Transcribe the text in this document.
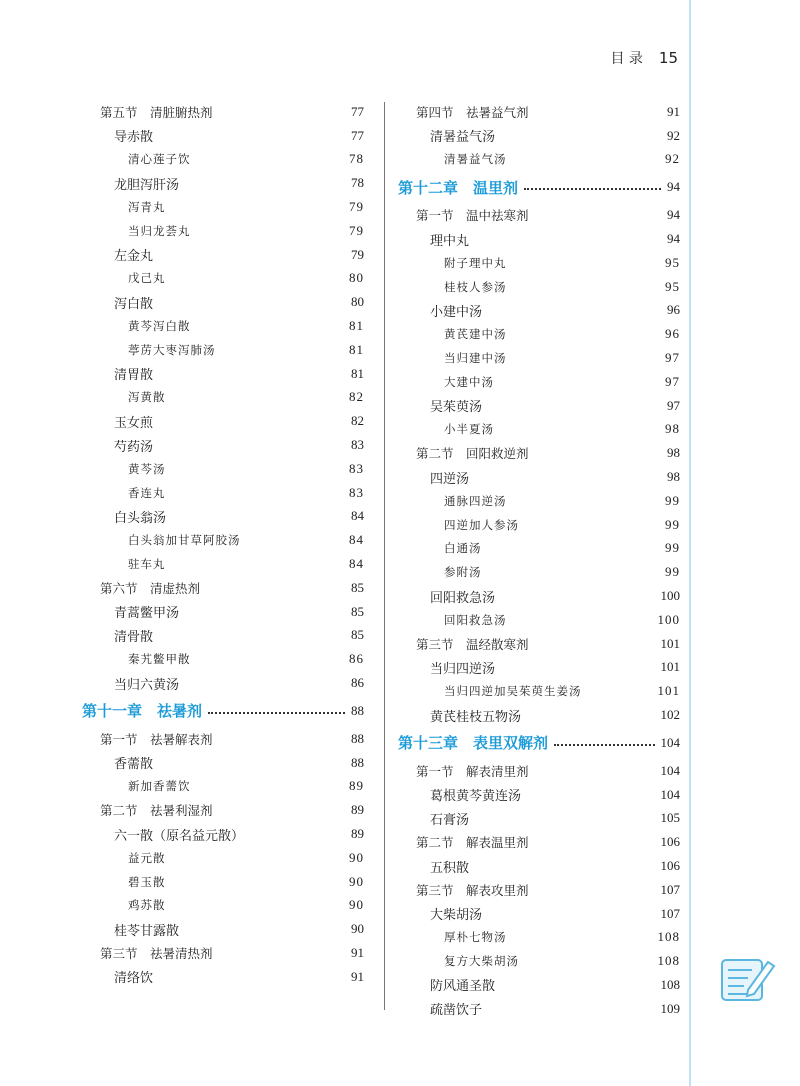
目 录 15
第五节　清脏腑热剂	77
导赤散	77
清心莲子饮	78
龙胆泻肝汤	78
泻青丸	79
当归龙荟丸	79
左金丸	79
戊己丸	80
泻白散	80
黄芩泻白散	81
葶苈大枣泻肺汤	81
清胃散	81
泻黄散	82
玉女煎	82
芍药汤	83
黄芩汤	83
香连丸	83
白头翁汤	84
白头翁加甘草阿胶汤	84
驻车丸	84
第六节　清虚热剂	85
青蒿鳖甲汤	85
清骨散	85
秦艽鳖甲散	86
当归六黄汤	86
第十一章　祛暑剂	88
第一节　祛暑解表剂	88
香薷散	88
新加香薷饮	89
第二节　祛暑利湿剂	89
六一散（原名益元散）	89
益元散	90
碧玉散	90
鸡苏散	90
桂苓甘露散	90
第三节　祛暑清热剂	91
清络饮	91
第四节　祛暑益气剂	91
清暑益气汤	92
清暑益气汤	92
第十二章　温里剂	94
第一节　温中祛寒剂	94
理中丸	94
附子理中丸	95
桂枝人参汤	95
小建中汤	96
黄芪建中汤	96
当归建中汤	97
大建中汤	97
吴茱萸汤	97
小半夏汤	98
第二节　回阳救逆剂	98
四逆汤	98
通脉四逆汤	99
四逆加人参汤	99
白通汤	99
参附汤	99
回阳救急汤	100
回阳救急汤	100
第三节　温经散寒剂	101
当归四逆汤	101
当归四逆加吴茱萸生姜汤	101
黄芪桂枝五物汤	102
第十三章　表里双解剂	104
第一节　解表清里剂	104
葛根黄芩黄连汤	104
石膏汤	105
第二节　解表温里剂	106
五积散	106
第三节　解表攻里剂	107
大柴胡汤	107
厚朴七物汤	108
复方大柴胡汤	108
防风通圣散	108
疏凿饮子	109
